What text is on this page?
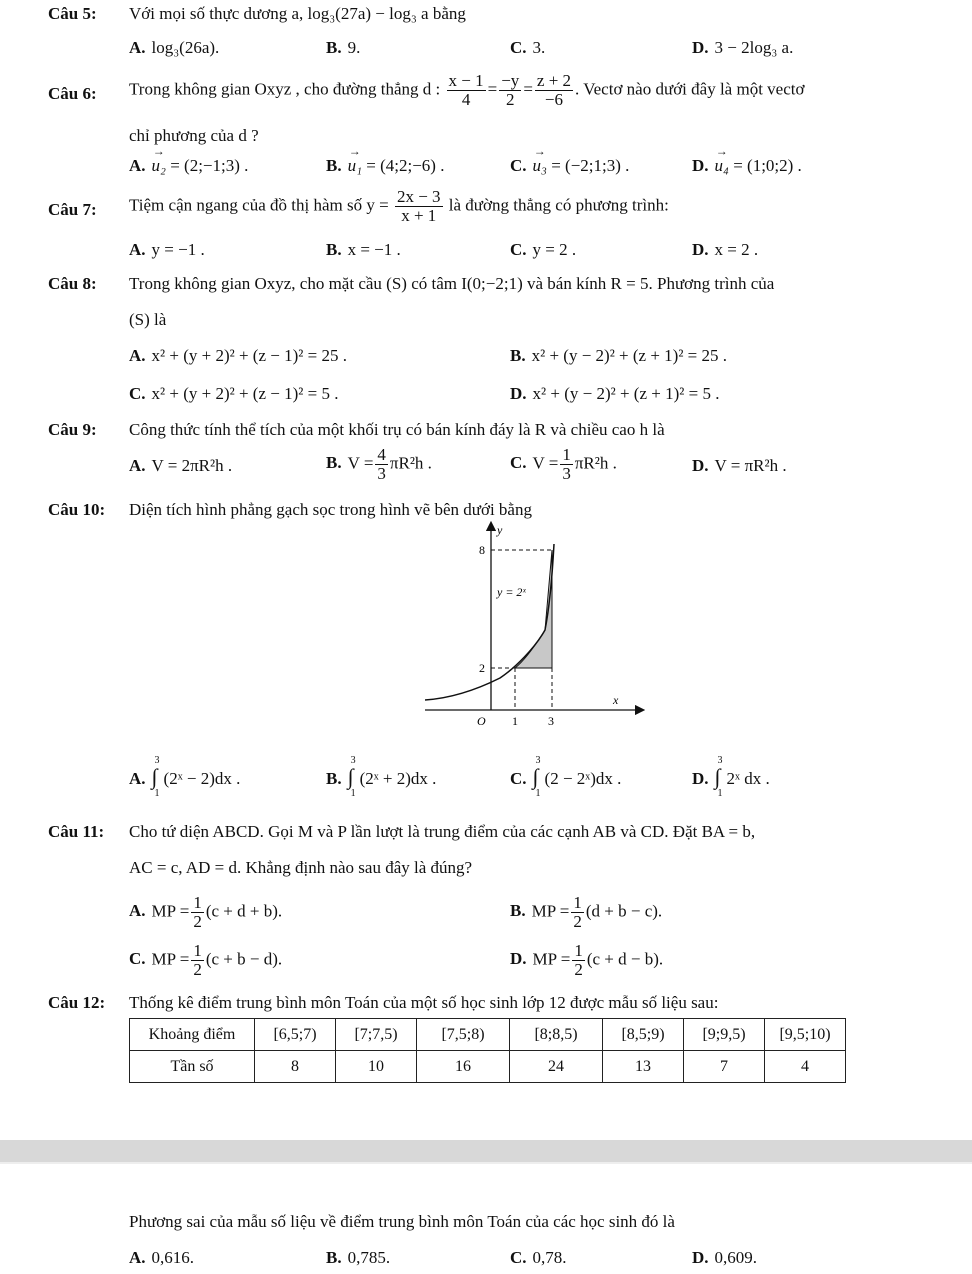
Câu 5: Với mọi số thực dương a, log₃(27a) − log₃ a bằng
A. log₃(26a).	B. 9.	C. 3.	D. 3 − 2log₃ a.
Câu 6: Trong không gian Oxyz , cho đường thẳng d : $\frac{x - 1}{4} = \frac{-y}{2} = \frac{z + 2}{-6}$ . Vectơ nào dưới đây là một vectơ
chỉ phương của d ?
A. → u₂ = (2;−1;3) .	B. → u₁ = (4;2;−6) .	C. → u₃ = (−2;1;3) .	D. → u₄ = (1;0;2) .
Câu 7: Tiệm cận ngang của đồ thị hàm số $y = \frac{2x - 3}{x + 1}$ là đường thẳng có phương trình:
A. y = −1 .	B. x = −1 .	C. y = 2 .	D. x = 2 .
Câu 8: Trong không gian Oxyz, cho mặt cầu (S) có tâm I(0;−2;1) và bán kính R = 5. Phương trình của
(S) là
A. x² + (y + 2)² + (z − 1)² = 25 .	B. x² + (y − 2)² + (z + 1)² = 25 .
C. x² + (y + 2)² + (z − 1)² = 5 .	D. x² + (y − 2)² + (z + 1)² = 5 .
Câu 9: Công thức tính thể tích của một khối trụ có bán kính đáy là R và chiều cao h là
A. V = 2πR²h .	B. $V = \frac{4}{3} \pi R^2h$ .	C. $V = \frac{1}{3} \pi R^2h$ .	D. V = πR²h .
Câu 10: Diện tích hình phẳng gạch sọc trong hình vẽ bên dưới bằng
y
x
8
2
O 1	3
y = 2ˣ
A. ∫
3
1
(2ˣ − 2)dx .	B. ∫
3
1
(2ˣ + 2)dx .	C. ∫
3
1
(2 − 2ˣ)dx .	D. ∫
3
1
2ˣ dx .
Câu 11: Cho tứ diện ABCD. Gọi M và P lần lượt là trung điểm của các cạnh AB và CD. Đặt BA = b,
AC = c, AD = d. Khẳng định nào sau đây là đúng?
A. MP = $\frac{1}{2} (c + d + b)$.	B. MP = $\frac{1}{2} (d + b - c)$.
C. MP = $\frac{1}{2} (c + b - d)$.	D. MP = $\frac{1}{2} (c + d - b)$.
Câu 12: Thống kê điểm trung bình môn Toán của một số học sinh lớp 12 được mẫu số liệu sau:
Khoảng điểm	[6,5;7)	[7;7,5)	[7,5;8)	[8;8,5)	[8,5;9)	[9;9,5)	[9,5;10)
Tần số	8	10	16	24	13	7	4
Phương sai của mẫu số liệu về điểm trung bình môn Toán của các học sinh đó là
A. 0,616.	B. 0,785.	C. 0,78.	D. 0,609.
